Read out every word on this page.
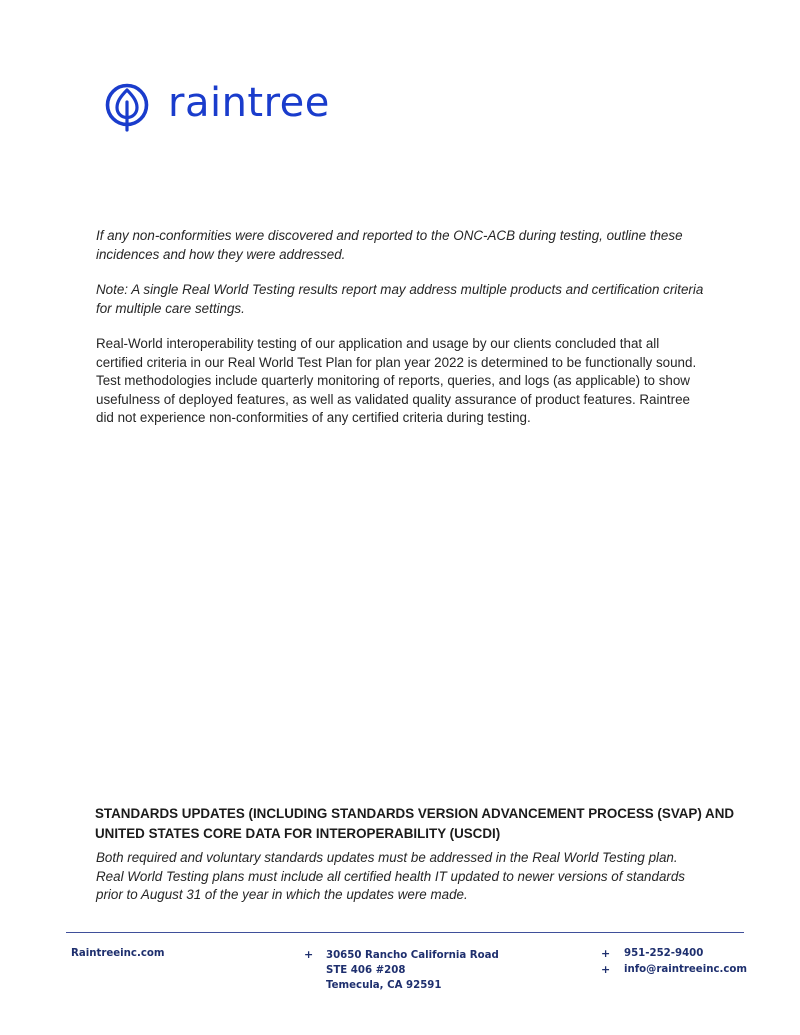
raintree

If any non-conformities were discovered and reported to the ONC-ACB during testing, outline these incidences and how they were addressed.

Note: A single Real World Testing results report may address multiple products and certification criteria for multiple care settings.

Real-World interoperability testing of our application and usage by our clients concluded that all certified criteria in our Real World Test Plan for plan year 2022 is determined to be functionally sound. Test methodologies include quarterly monitoring of reports, queries, and logs (as applicable) to show usefulness of deployed features, as well as validated quality assurance of product features. Raintree did not experience non-conformities of any certified criteria during testing.

STANDARDS UPDATES (INCLUDING STANDARDS VERSION ADVANCEMENT PROCESS (SVAP) AND UNITED STATES CORE DATA FOR INTEROPERABILITY (USCDI)

Both required and voluntary standards updates must be addressed in the Real World Testing plan. Real World Testing plans must include all certified health IT updated to newer versions of standards prior to August 31 of the year in which the updates were made.

Raintreeinc.com	+ 30650 Rancho California Road
STE 406 #208
Temecula, CA 92591
+ 951-252-9400
+ info@raintreeinc.com
